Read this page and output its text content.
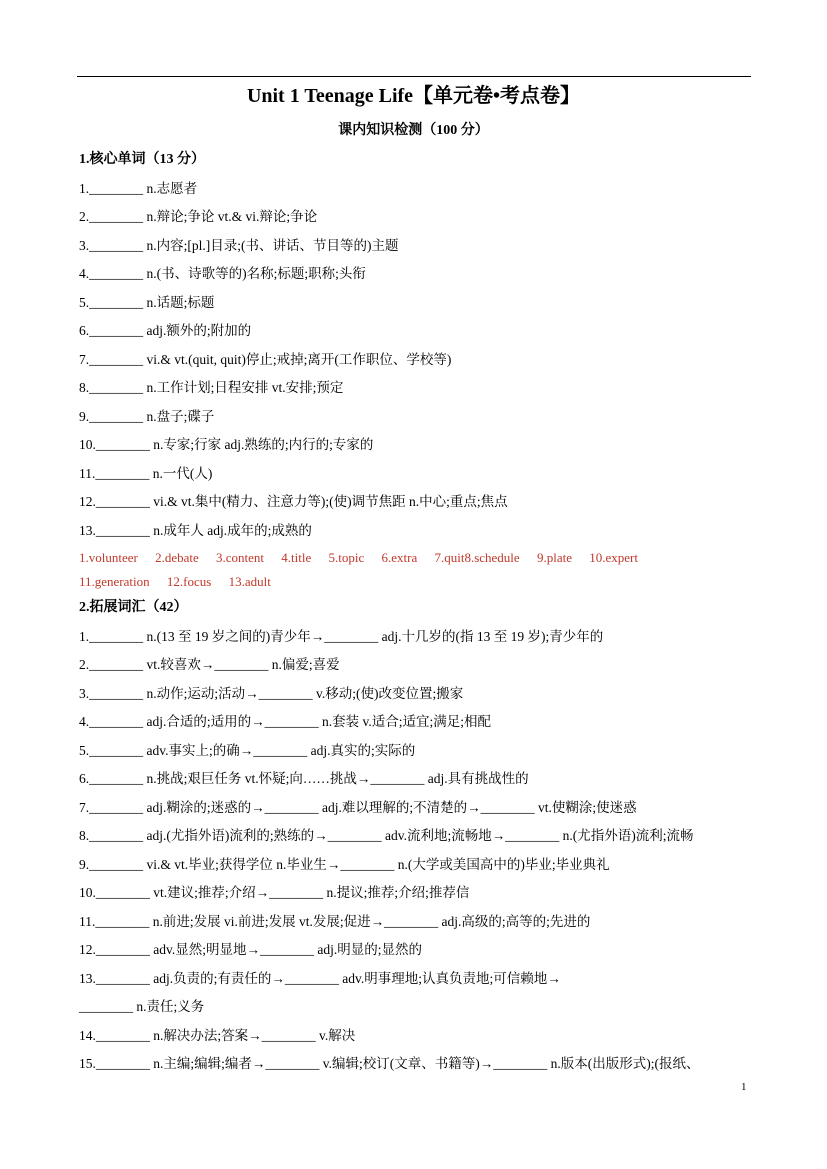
Unit 1 Teenage Life【单元卷•考点卷】
课内知识检测（100 分）
1.核心单词（13 分）
1.________ n.志愿者
2.________ n.辩论;争论 vt.& vi.辩论;争论
3.________ n.内容;[pl.]目录;(书、讲话、节目等的)主题
4.________ n.(书、诗歌等的)名称;标题;职称;头衔
5.________ n.话题;标题
6.________ adj.额外的;附加的
7.________ vi.& vt.(quit, quit)停止;戒掉;离开(工作职位、学校等)
8.________ n.工作计划;日程安排 vt.安排;预定
9.________ n.盘子;碟子
10.________ n.专家;行家 adj.熟练的;内行的;专家的
11.________ n.一代(人)
12.________ vi.& vt.集中(精力、注意力等);(使)调节焦距 n.中心;重点;焦点
13.________ n.成年人 adj.成年的;成熟的
1.volunteer 2.debate 3.content 4.title 5.topic 6.extra 7.quit8.schedule 9.plate 10.expert
11.generation 12.focus 13.adult
2.拓展词汇（42）
1.________ n.(13 至 19 岁之间的)青少年→________ adj.十几岁的(指 13 至 19 岁);青少年的
2.________ vt.较喜欢→________ n.偏爱;喜爱
3.________ n.动作;运动;活动→________ v.移动;(使)改变位置;搬家
4.________ adj.合适的;适用的→________ n.套装 v.适合;适宜;满足;相配
5.________ adv.事实上;的确→________ adj.真实的;实际的
6.________ n.挑战;艰巨任务 vt.怀疑;向……挑战→________ adj.具有挑战性的
7.________ adj.糊涂的;迷惑的→________ adj.难以理解的;不清楚的→________ vt.使糊涂;使迷惑
8.________ adj.(尤指外语)流利的;熟练的→________ adv.流利地;流畅地→________ n.(尤指外语)流利;流畅
9.________ vi.& vt.毕业;获得学位 n.毕业生→________ n.(大学或美国高中的)毕业;毕业典礼
10.________ vt.建议;推荐;介绍→________ n.提议;推荐;介绍;推荐信
11.________ n.前进;发展 vi.前进;发展 vt.发展;促进→________ adj.高级的;高等的;先进的
12.________ adv.显然;明显地→________ adj.明显的;显然的
13.________ adj.负责的;有责任的→________ adv.明事理地;认真负责地;可信赖地→
________ n.责任;义务
14.________ n.解决办法;答案→________ v.解决
15.________ n.主编;编辑;编者→________ v.编辑;校订(文章、书籍等)→________ n.版本(出版形式);(报纸、
1
